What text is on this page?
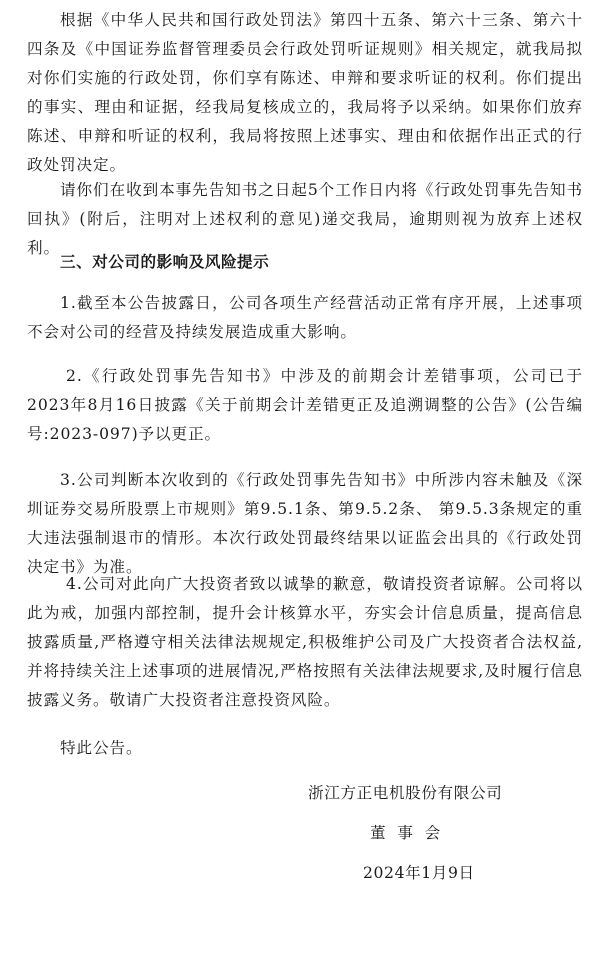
根据《中华人民共和国行政处罚法》第四十五条、第六十三条、第六十四条及《中国证券监督管理委员会行政处罚听证规则》相关规定，就我局拟对你们实施的行政处罚，你们享有陈述、申辩和要求听证的权利。你们提出的事实、理由和证据，经我局复核成立的，我局将予以采纳。如果你们放弃陈述、申辩和听证的权利，我局将按照上述事实、理由和依据作出正式的行政处罚决定。

请你们在收到本事先告知书之日起5个工作日内将《行政处罚事先告知书回执》(附后，注明对上述权利的意见)递交我局，逾期则视为放弃上述权利。

三、对公司的影响及风险提示

1.截至本公告披露日，公司各项生产经营活动正常有序开展，上述事项不会对公司的经营及持续发展造成重大影响。

2.《行政处罚事先告知书》中涉及的前期会计差错事项，公司已于 2023年8月16日披露《关于前期会计差错更正及追溯调整的公告》(公告编号:2023-097)予以更正。

3.公司判断本次收到的《行政处罚事先告知书》中所涉内容未触及《深圳证券交易所股票上市规则》第9.5.1条、第9.5.2条、 第9.5.3条规定的重大违法强制退市的情形。本次行政处罚最终结果以证监会出具的《行政处罚决定书》为准。

4.公司对此向广大投资者致以诚挚的歉意，敬请投资者谅解。公司将以此为戒，加强内部控制，提升会计核算水平，夯实会计信息质量，提高信息披露质量,严格遵守相关法律法规规定,积极维护公司及广大投资者合法权益,并将持续关注上述事项的进展情况,严格按照有关法律法规要求,及时履行信息披露义务。敬请广大投资者注意投资风险。

特此公告。

浙江方正电机股份有限公司

董  事  会

2024年1月9日
